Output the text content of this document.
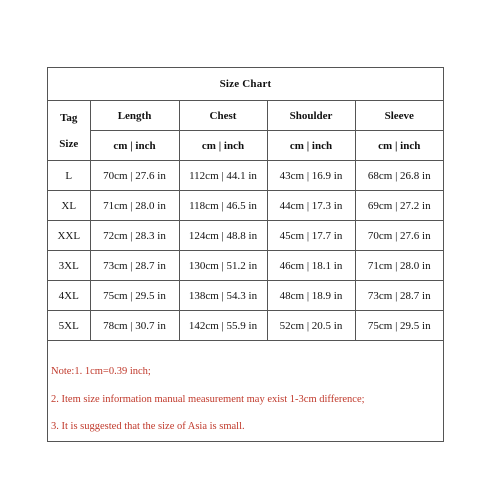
Size Chart				

Tag
Size	Length	Chest	Shoulder	Sleeve
	cm | inch	cm | inch	cm | inch	cm | inch
L	70cm | 27.6 in	112cm | 44.1 in	43cm | 16.9 in	68cm | 26.8 in
XL	71cm | 28.0 in	118cm | 46.5 in	44cm | 17.3 in	69cm | 27.2 in
XXL	72cm | 28.3 in	124cm | 48.8 in	45cm | 17.7 in	70cm | 27.6 in
3XL	73cm | 28.7 in	130cm | 51.2 in	46cm | 18.1 in	71cm | 28.0 in
4XL	75cm | 29.5 in	138cm | 54.3 in	48cm | 18.9 in	73cm | 28.7 in
5XL	78cm | 30.7 in	142cm | 55.9 in	52cm | 20.5 in	75cm | 29.5 in
Note:1. 1cm=0.39 inch;
2. Item size information manual measurement may exist 1-3cm difference;
3. It is suggested that the size of Asia is small.
